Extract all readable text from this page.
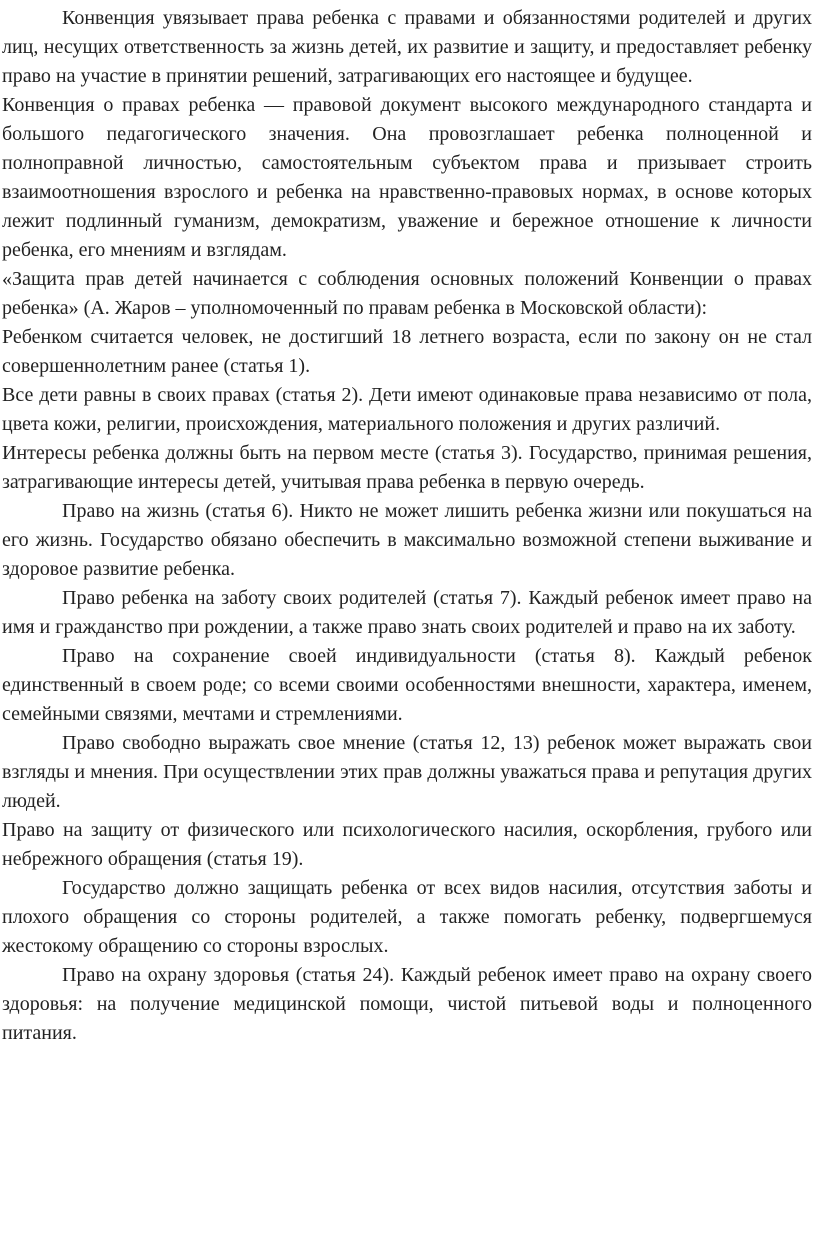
Конвенция увязывает права ребенка с правами и обязанностями родителей и других лиц, несущих ответственность за жизнь детей, их развитие и защиту, и предоставляет ребенку право на участие в принятии решений, затрагивающих его настоящее и будущее.

Конвенция о правах ребенка — правовой документ высокого международного стандарта и большого педагогического значения. Она провозглашает ребенка полноценной и полноправной личностью, самостоятельным субъектом права и призывает строить взаимоотношения взрослого и ребенка на нравственно-правовых нормах, в основе которых лежит подлинный гуманизм, демократизм, уважение и бережное отношение к личности ребенка, его мнениям и взглядам.

«Защита прав детей начинается с соблюдения основных положений Конвенции о правах ребенка» (А. Жаров – уполномоченный по правам ребенка в Московской области):

Ребенком считается человек, не достигший 18 летнего возраста, если по закону он не стал совершеннолетним ранее (статья 1).

Все дети равны в своих правах (статья 2). Дети имеют одинаковые права независимо от пола, цвета кожи, религии, происхождения, материального положения и других различий.

Интересы ребенка должны быть на первом месте (статья 3). Государство, принимая решения, затрагивающие интересы детей, учитывая права ребенка в первую очередь.

Право на жизнь (статья 6). Никто не может лишить ребенка жизни или покушаться на его жизнь. Государство обязано обеспечить в максимально возможной степени выживание и здоровое развитие ребенка.

Право ребенка на заботу своих родителей (статья 7). Каждый ребенок имеет право на имя и гражданство при рождении, а также право знать своих родителей и право на их заботу.

Право на сохранение своей индивидуальности (статья 8). Каждый ребенок единственный в своем роде; со всеми своими особенностями внешности, характера, именем, семейными связями, мечтами и стремлениями.

Право свободно выражать свое мнение (статья 12, 13) ребенок может выражать свои взгляды и мнения. При осуществлении этих прав должны уважаться права и репутация других людей.

Право на защиту от физического или психологического насилия, оскорбления, грубого или небрежного обращения (статья 19).

Государство должно защищать ребенка от всех видов насилия, отсутствия заботы и плохого обращения со стороны родителей, а также помогать ребенку, подвергшемуся жестокому обращению со стороны взрослых.

Право на охрану здоровья (статья 24). Каждый ребенок имеет право на охрану своего здоровья: на получение медицинской помощи, чистой питьевой воды и полноценного питания.
